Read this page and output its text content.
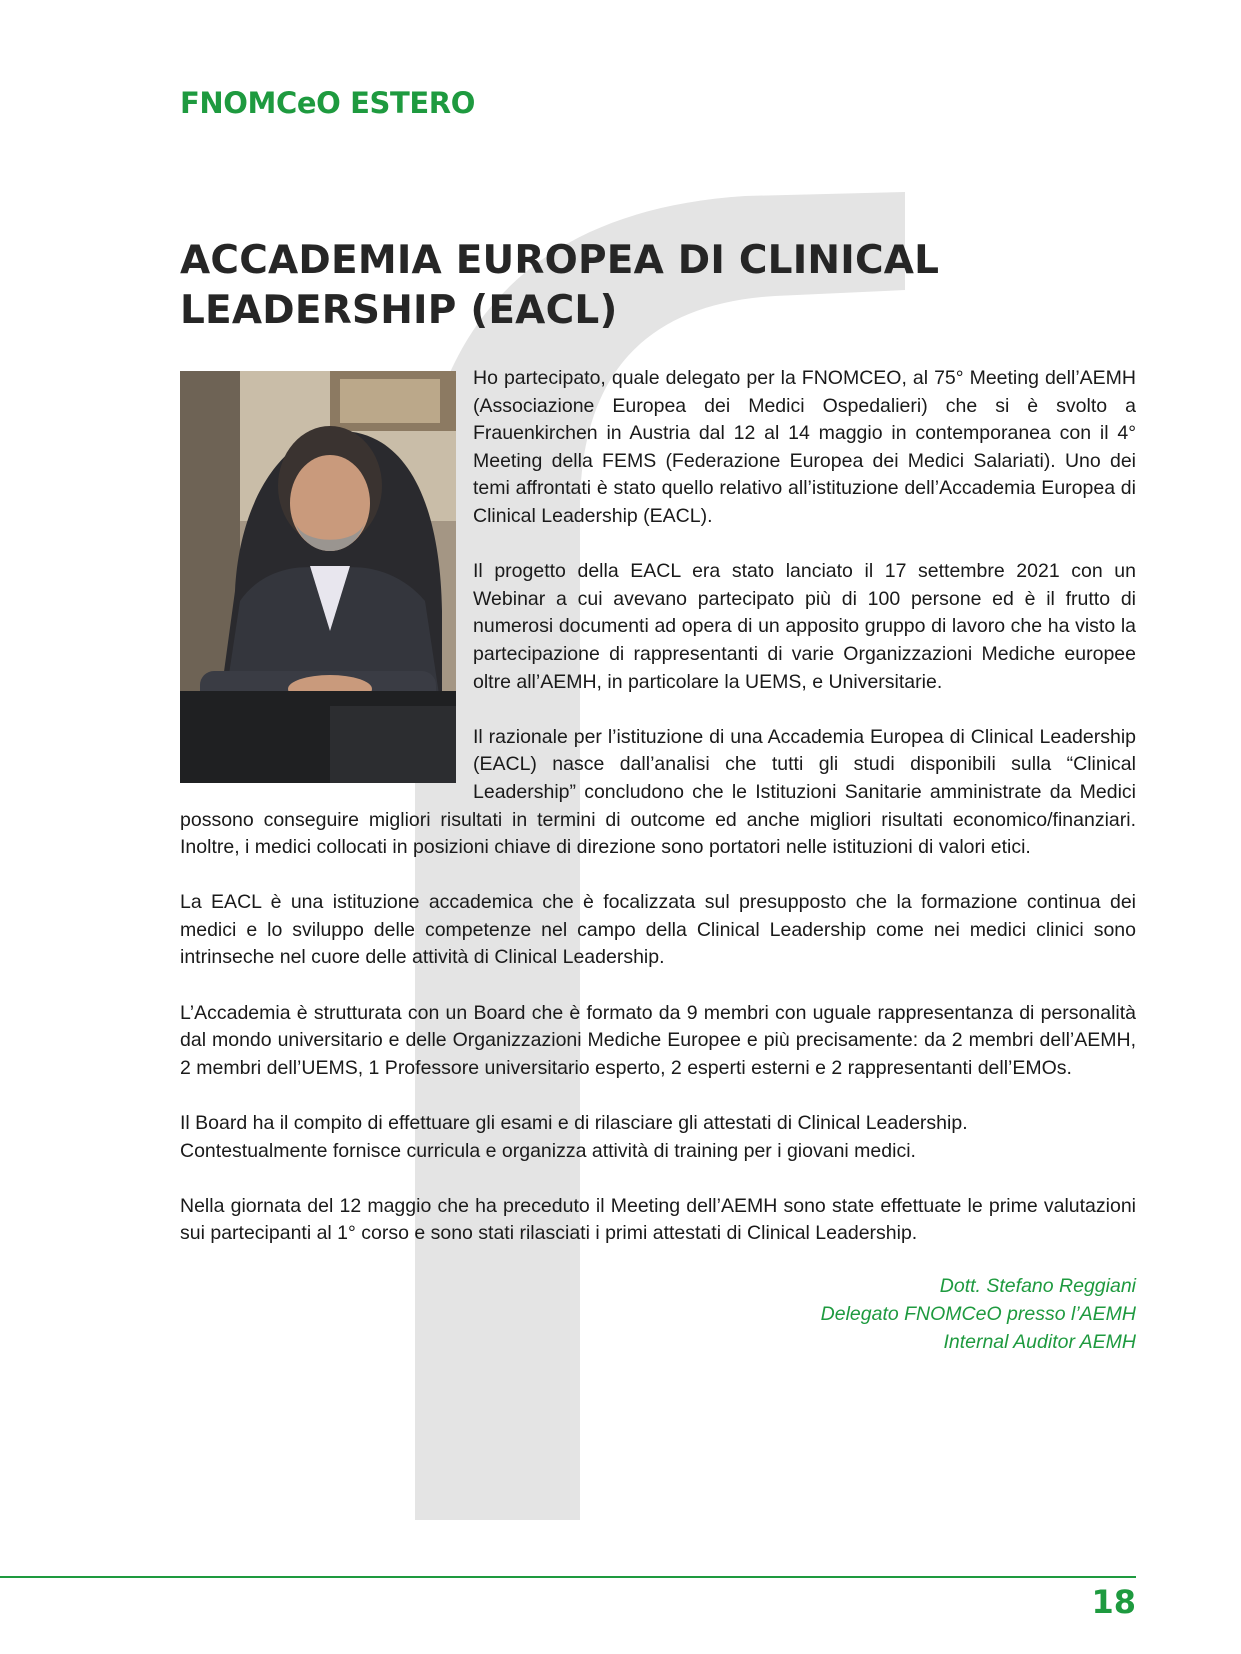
FNOMCeO ESTERO
ACCADEMIA EUROPEA DI CLINICAL
LEADERSHIP (EACL)

Ho partecipato, quale delegato per la FNOMCEO, al 75° Meeting dell’AEMH (Associazione Europea dei Medici Ospedalieri) che si è svolto a Frauenkirchen in Austria dal 12 al 14 maggio in contemporanea con il 4° Meeting della FEMS (Federazione Europea dei Medici Salariati). Uno dei temi affrontati è stato quello relativo all’istituzione dell’Accademia Europea di Clinical Leadership (EACL).

Il progetto della EACL era stato lanciato il 17 settembre 2021 con un Webinar a cui avevano partecipato più di 100 persone ed è il frutto di numerosi documenti ad opera di un apposito gruppo di lavoro che ha visto la partecipazione di rappresentanti di varie Organizzazioni Mediche europee oltre all’AEMH, in particolare la UEMS, e Universitarie.

Il razionale per l’istituzione di una Accademia Europea di Clinical Leadership (EACL) nasce dall’analisi che tutti gli studi disponibili sulla “Clinical Leadership” concludono che le Istituzioni Sanitarie amministrate da Medici possono conseguire migliori risultati in termini di outcome ed anche migliori risultati economico/finanziari. Inoltre, i medici collocati in posizioni chiave di direzione sono portatori nelle istituzioni di valori etici.

La EACL è una istituzione accademica che è focalizzata sul presupposto che la formazione continua dei medici e lo sviluppo delle competenze nel campo della Clinical Leadership come nei medici clinici sono intrinseche nel cuore delle attività di Clinical Leadership.

L’Accademia è strutturata con un Board che è formato da 9 membri con uguale rappresentanza di personalità dal mondo universitario e delle Organizzazioni Mediche Europee e più precisamente: da 2 membri dell’AEMH, 2 membri dell’UEMS, 1 Professore universitario esperto, 2 esperti esterni e 2 rappresentanti dell’EMOs.

Il Board ha il compito di effettuare gli esami e di rilasciare gli attestati di Clinical Leadership.

Contestualmente fornisce curricula e organizza attività di training per i giovani medici.

Nella giornata del 12 maggio che ha preceduto il Meeting dell’AEMH sono state effettuate le prime valutazioni sui partecipanti al 1° corso e sono stati rilasciati i primi attestati di Clinical Leadership.

Dott. Stefano Reggiani
Delegato FNOMCeO presso l’AEMH
Internal Auditor AEMH
18
